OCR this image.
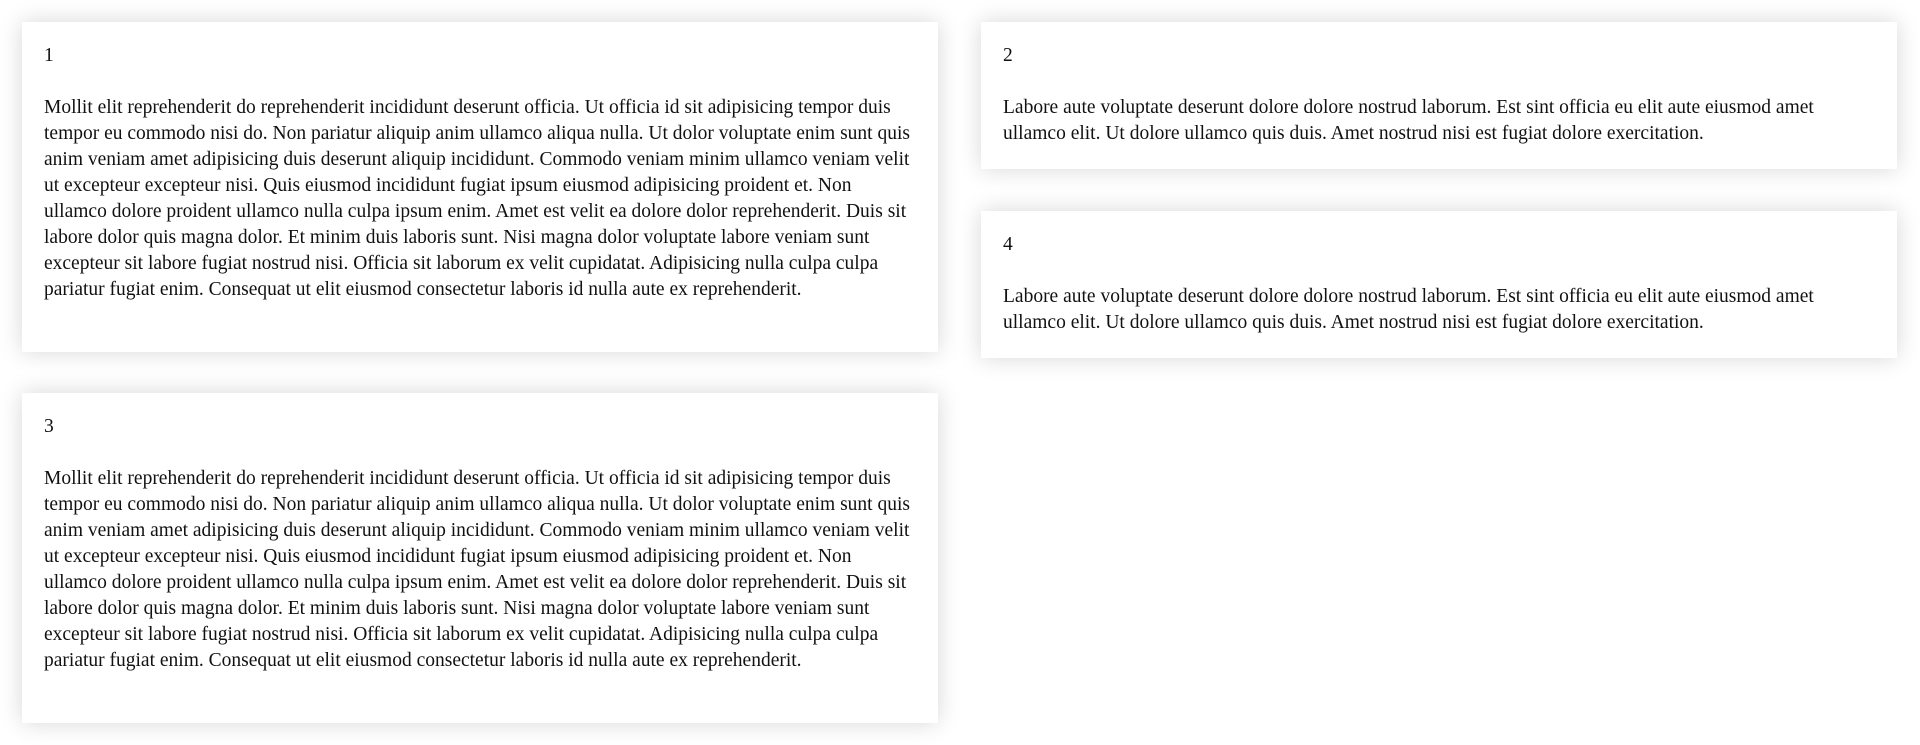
1

Mollit elit reprehenderit do reprehenderit incididunt deserunt officia. Ut officia id sit adipisicing tempor duis tempor eu commodo nisi do. Non pariatur aliquip anim ullamco aliqua nulla. Ut dolor voluptate enim sunt quis anim veniam amet adipisicing duis deserunt aliquip incididunt. Commodo veniam minim ullamco veniam velit ut excepteur excepteur nisi. Quis eiusmod incididunt fugiat ipsum eiusmod adipisicing proident et. Non ullamco dolore proident ullamco nulla culpa ipsum enim. Amet est velit ea dolore dolor reprehenderit. Duis sit labore dolor quis magna dolor. Et minim duis laboris sunt. Nisi magna dolor voluptate labore veniam sunt excepteur sit labore fugiat nostrud nisi. Officia sit laborum ex velit cupidatat. Adipisicing nulla culpa culpa pariatur fugiat enim. Consequat ut elit eiusmod consectetur laboris id nulla aute ex reprehenderit.

2

Labore aute voluptate deserunt dolore dolore nostrud laborum. Est sint officia eu elit aute eiusmod amet ullamco elit. Ut dolore ullamco quis duis. Amet nostrud nisi est fugiat dolore exercitation.

3

Mollit elit reprehenderit do reprehenderit incididunt deserunt officia. Ut officia id sit adipisicing tempor duis tempor eu commodo nisi do. Non pariatur aliquip anim ullamco aliqua nulla. Ut dolor voluptate enim sunt quis anim veniam amet adipisicing duis deserunt aliquip incididunt. Commodo veniam minim ullamco veniam velit ut excepteur excepteur nisi. Quis eiusmod incididunt fugiat ipsum eiusmod adipisicing proident et. Non ullamco dolore proident ullamco nulla culpa ipsum enim. Amet est velit ea dolore dolor reprehenderit. Duis sit labore dolor quis magna dolor. Et minim duis laboris sunt. Nisi magna dolor voluptate labore veniam sunt excepteur sit labore fugiat nostrud nisi. Officia sit laborum ex velit cupidatat. Adipisicing nulla culpa culpa pariatur fugiat enim. Consequat ut elit eiusmod consectetur laboris id nulla aute ex reprehenderit.

4

Labore aute voluptate deserunt dolore dolore nostrud laborum. Est sint officia eu elit aute eiusmod amet ullamco elit. Ut dolore ullamco quis duis. Amet nostrud nisi est fugiat dolore exercitation.
